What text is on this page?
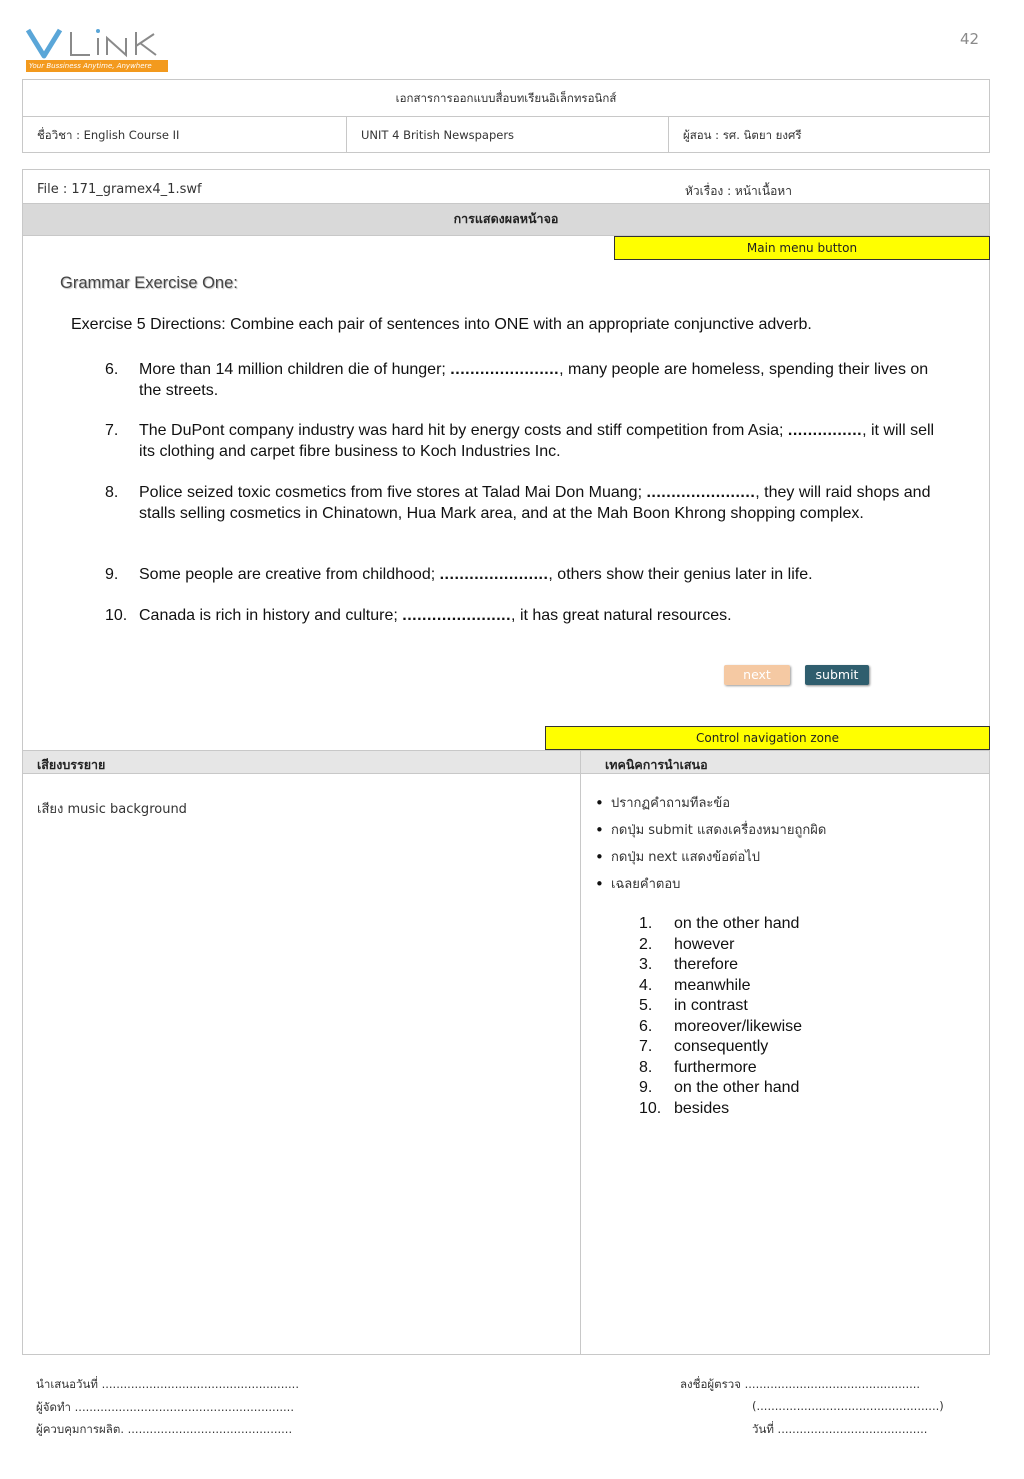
42
Your Bussiness Anytime, Anywhere
เอกสารการออกแบบสื่อบทเรียนอิเล็กทรอนิกส์
ชื่อวิชา : English Course II	UNIT 4 British Newspapers	ผู้สอน : รศ. นิตยา ยงศรี
File : 171_gramex4_1.swf	หัวเรื่อง : หน้าเนื้อหา
การแสดงผลหน้าจอ
Main menu button
Grammar Exercise One:
Exercise 5 Directions: Combine each pair of sentences into ONE with an appropriate conjunctive adverb.
6. More than 14 million children die of hunger; ......................, many people are homeless, spending their lives on the streets.
7. The DuPont company industry was hard hit by energy costs and stiff competition from Asia; ..............., it will sell its clothing and carpet fibre business to Koch Industries Inc.
8. Police seized toxic cosmetics from five stores at Talad Mai Don Muang; ......................, they will raid shops and stalls selling cosmetics in Chinatown, Hua Mark area, and at the Mah Boon Khrong shopping complex.
9. Some people are creative from childhood; ......................, others show their genius later in life.
10. Canada is rich in history and culture; ......................, it has great natural resources.
next	submit
Control navigation zone
เสียงบรรยาย	เทคนิคการนำเสนอ
เสียง music background	• ปรากฏคำถามทีละข้อ
• กดปุ่ม submit แสดงเครื่องหมายถูกผิด
• กดปุ่ม next แสดงข้อต่อไป
• เฉลยคำตอบ
1. on the other hand
2. however
3. therefore
4. meanwhile
5. in contrast
6. moreover/likewise
7. consequently
8. furthermore
9. on the other hand
10. besides
นำเสนอวันที่ ......................................................
ผู้จัดทำ ............................................................
ผู้ควบคุมการผลิต. .............................................
ลงชื่อผู้ตรวจ ................................................
(..................................................)
วันที่ .........................................
